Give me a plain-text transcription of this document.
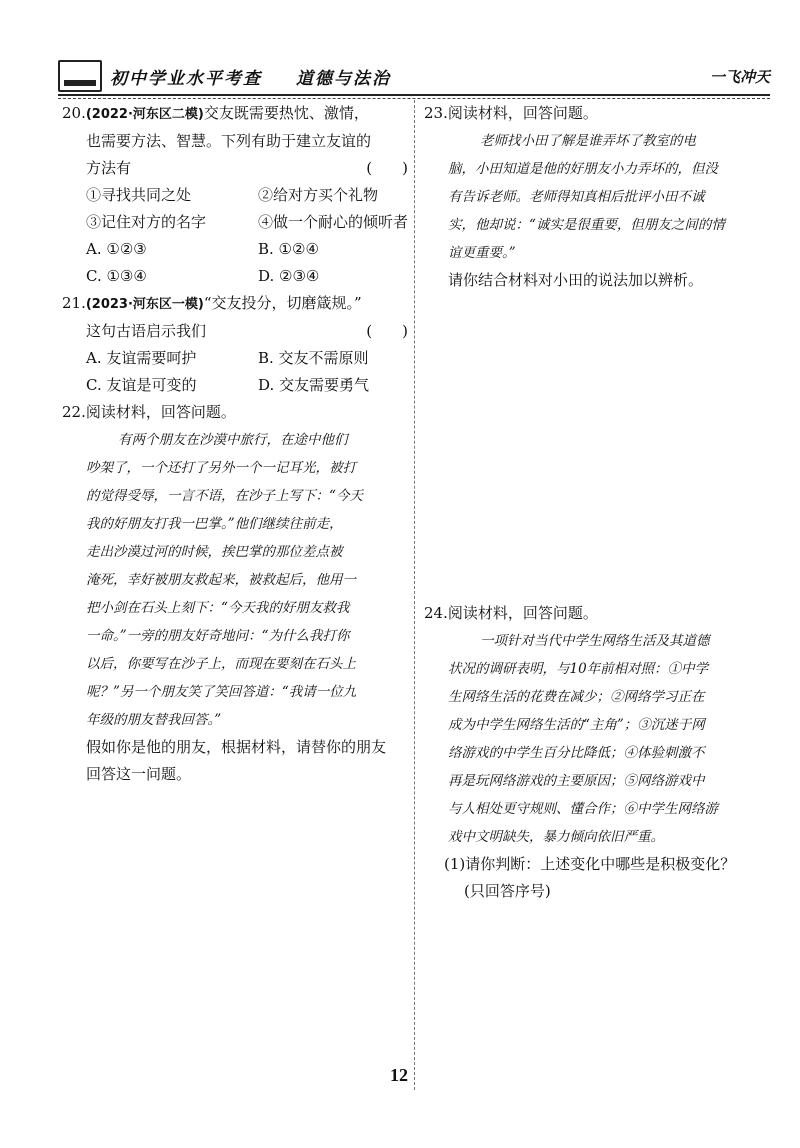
初中学业水平考查 道德与法治	一飞冲天
20.(2022·河东区二模)交友既需要热忱、激情，
也需要方法、智慧。下列有助于建立友谊的
方法有	(　　)
①寻找共同之处	②给对方买个礼物
③记住对方的名字	④做一个耐心的倾听者
A. ①②③	B. ①②④
C. ①③④	D. ②③④
21.(2023·河东区一模)“交友投分，切磨箴规。”
这句古语启示我们	(　　)
A. 友谊需要呵护	B. 交友不需原则
C. 友谊是可变的	D. 交友需要勇气
22.阅读材料，回答问题。
有两个朋友在沙漠中旅行，在途中他们
吵架了，一个还打了另外一个一记耳光，被打
的觉得受辱，一言不语，在沙子上写下：“今天
我的好朋友打我一巴掌。”他们继续往前走，
走出沙漠过河的时候，挨巴掌的那位差点被
淹死，幸好被朋友救起来，被救起后，他用一
把小剑在石头上刻下：“今天我的好朋友救我
一命。”一旁的朋友好奇地问：“为什么我打你
以后，你要写在沙子上，而现在要刻在石头上
呢？”另一个朋友笑了笑回答道：“我请一位九
年级的朋友替我回答。”
假如你是他的朋友，根据材料，请替你的朋友
回答这一问题。
23.阅读材料，回答问题。
老师找小田了解是谁弄坏了教室的电
脑，小田知道是他的好朋友小力弄坏的，但没
有告诉老师。老师得知真相后批评小田不诚
实，他却说：“诚实是很重要，但朋友之间的情
谊更重要。”
请你结合材料对小田的说法加以辨析。
24.阅读材料，回答问题。
一项针对当代中学生网络生活及其道德
状况的调研表明，与10年前相对照：①中学
生网络生活的花费在减少；②网络学习正在
成为中学生网络生活的“主角”；③沉迷于网
络游戏的中学生百分比降低；④体验刺激不
再是玩网络游戏的主要原因；⑤网络游戏中
与人相处更守规则、懂合作；⑥中学生网络游
戏中文明缺失，暴力倾向依旧严重。
(1)请你判断：上述变化中哪些是积极变化？
(只回答序号)
12
